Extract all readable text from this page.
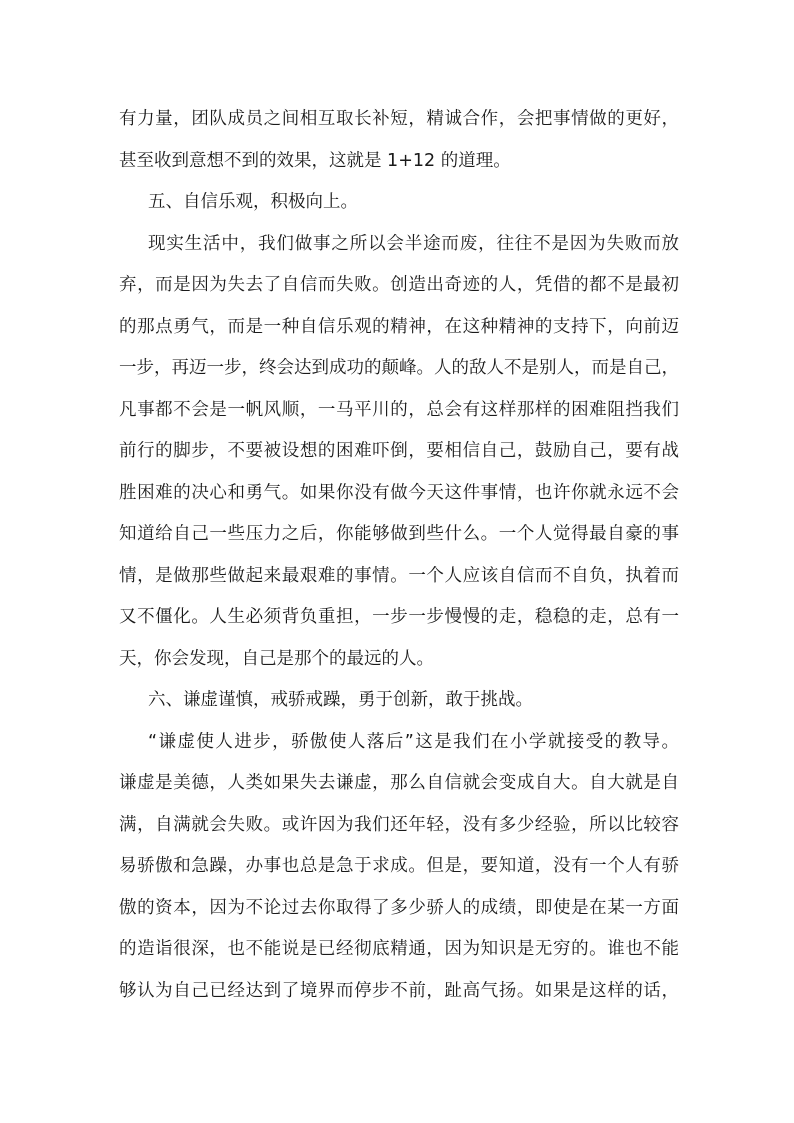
有力量，团队成员之间相互取长补短，精诚合作，会把事情做的更好，
甚至收到意想不到的效果，这就是 1+12 的道理。
五、自信乐观，积极向上。
现实生活中，我们做事之所以会半途而废，往往不是因为失败而放
弃，而是因为失去了自信而失败。创造出奇迹的人，凭借的都不是最初
的那点勇气，而是一种自信乐观的精神，在这种精神的支持下，向前迈
一步，再迈一步，终会达到成功的颠峰。人的敌人不是别人，而是自己，
凡事都不会是一帆风顺，一马平川的，总会有这样那样的困难阻挡我们
前行的脚步，不要被设想的困难吓倒，要相信自己，鼓励自己，要有战
胜困难的决心和勇气。如果你没有做今天这件事情，也许你就永远不会
知道给自己一些压力之后，你能够做到些什么。一个人觉得最自豪的事
情，是做那些做起来最艰难的事情。一个人应该自信而不自负，执着而
又不僵化。人生必须背负重担，一步一步慢慢的走，稳稳的走，总有一
天，你会发现，自己是那个的最远的人。
六、谦虚谨慎，戒骄戒躁，勇于创新，敢于挑战。
“谦虚使人进步，骄傲使人落后”这是我们在小学就接受的教导。
谦虚是美德，人类如果失去谦虚，那么自信就会变成自大。自大就是自
满，自满就会失败。或许因为我们还年轻，没有多少经验，所以比较容
易骄傲和急躁，办事也总是急于求成。但是，要知道，没有一个人有骄
傲的资本，因为不论过去你取得了多少骄人的成绩，即使是在某一方面
的造诣很深，也不能说是已经彻底精通，因为知识是无穷的。谁也不能
够认为自己已经达到了境界而停步不前，趾高气扬。如果是这样的话，
